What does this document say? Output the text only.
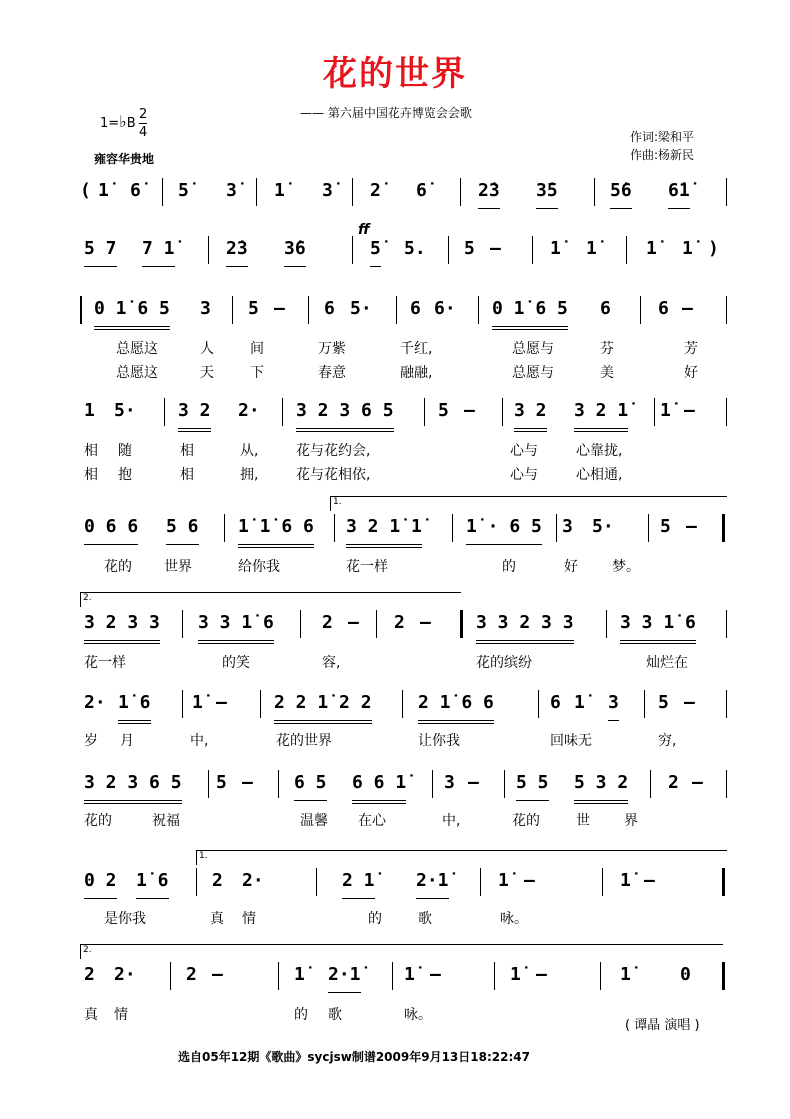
花的世界
—— 第六届中国花卉博览会会歌
1=♭B
2
4
雍容华贵地
作词:梁和平
作曲:杨新民
( 1̇ 6̇ 5̇ 3̇ 1̇ 3̇ 2̇ 6̇	2̇3 3̇5	5̇6 6̇1̇
ff
5 7 7 1̇	2̇3 3̇6	5̇ 5. 5 —	1̇ 1̇	1̇ 1̇ )
0 1̇ 6 5 3 5 — 6 5· 6 6· 0 1̇ 6 5 6	6 —
总愿这	人	间	万紫	千红,	总愿与	芬	芳
总愿这	天	下	春意	融融,	总愿与	美	好
1 5· 3 2 2· 3 2 3 6 5 5 — 3 2 3 2 1̇ 1̇ —
相 随	相	从,	花与花约会,	心与	心靠拢,
相 抱	相	拥,	花与花相依,	心与	心相通,
1.
0 6 6 5 6 1̇ 1̇ 6 6 3 2 1̇ 1̇ 1̇ · 6 5 3 5·	5 —
花的 世界	给你我	花一样	的	好 梦。
2.
3 2 3 3 3 3 1̇ 6	2 — 2 —	3 3 2 3 3	3 3 1̇ 6
花一样	的笑	容,	花的缤纷	灿烂在
2· 1̇ 6 1̇ —	2 2 1̇ 2 2	2 1̇ 6 6	6 1̇ 3 5 —
岁 月	中,	花的世界	让你我	回味无	穷,
3 2 3 6 5 5 — 6 5 6 6 1̇ 3 — 5 5 5 3 2 2 —
花的	祝福	温馨 在心	中,	花的	世 界
1.
0 2 1̇ 6 2 2·	2 1̇ 2·1̇	1̇ —	1̇ —
是你我	真 情	的	歌	咏。
2.
2 2·	2 —	1̇ 2·1̇ 1̇ —	1̇ —	1̇	0
真 情	的 歌	咏。
( 谭晶 演唱 )
选自05年12期《歌曲》sycjsw制谱2009年9月13日18:22:47
